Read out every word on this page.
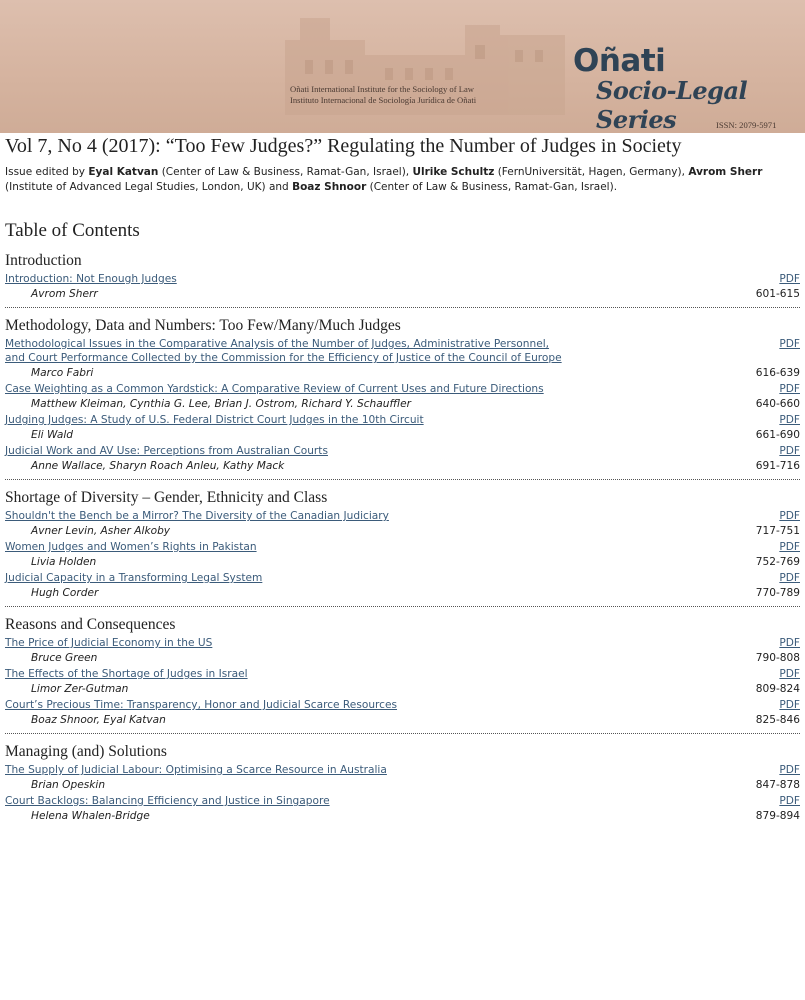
Oñati International Institute for the Sociology of Law
Instituto Internacional de Sociología Jurídica de Oñati
Oñati
Socio-Legal Series	ISSN: 2079-5971
Vol 7, No 4 (2017): “Too Few Judges?” Regulating the Number of Judges in Society

Issue edited by Eyal Katvan (Center of Law & Business, Ramat-Gan, Israel), Ulrike Schultz (FernUniversität, Hagen, Germany), Avrom Sherr (Institute of Advanced Legal Studies, London, UK) and Boaz Shnoor (Center of Law & Business, Ramat-Gan, Israel).

Table of Contents
Introduction
Introduction: Not Enough Judges	PDF
Avrom Sherr	601-615
Methodology, Data and Numbers: Too Few/Many/Much Judges
Methodological Issues in the Comparative Analysis of the Number of Judges, Administrative Personnel, and Court Performance Collected by the Commission for the Efficiency of Justice of the Council of Europe
PDF
Marco Fabri	616-639
Case Weighting as a Common Yardstick: A Comparative Review of Current Uses and Future Directions	PDF
Matthew Kleiman, Cynthia G. Lee, Brian J. Ostrom, Richard Y. Schauffler	640-660
Judging Judges: A Study of U.S. Federal District Court Judges in the 10th Circuit	PDF
Eli Wald	661-690
Judicial Work and AV Use: Perceptions from Australian Courts	PDF
Anne Wallace, Sharyn Roach Anleu, Kathy Mack	691-716
Shortage of Diversity – Gender, Ethnicity and Class
Shouldn't the Bench be a Mirror? The Diversity of the Canadian Judiciary	PDF
Avner Levin, Asher Alkoby	717-751
Women Judges and Women’s Rights in Pakistan	PDF
Livia Holden	752-769
Judicial Capacity in a Transforming Legal System	PDF
Hugh Corder	770-789
Reasons and Consequences
The Price of Judicial Economy in the US	PDF
Bruce Green	790-808
The Effects of the Shortage of Judges in Israel	PDF
Limor Zer-Gutman	809-824
Court’s Precious Time: Transparency, Honor and Judicial Scarce Resources	PDF
Boaz Shnoor, Eyal Katvan	825-846
Managing (and) Solutions
The Supply of Judicial Labour: Optimising a Scarce Resource in Australia	PDF
Brian Opeskin	847-878
Court Backlogs: Balancing Efficiency and Justice in Singapore	PDF
Helena Whalen-Bridge	879-894
